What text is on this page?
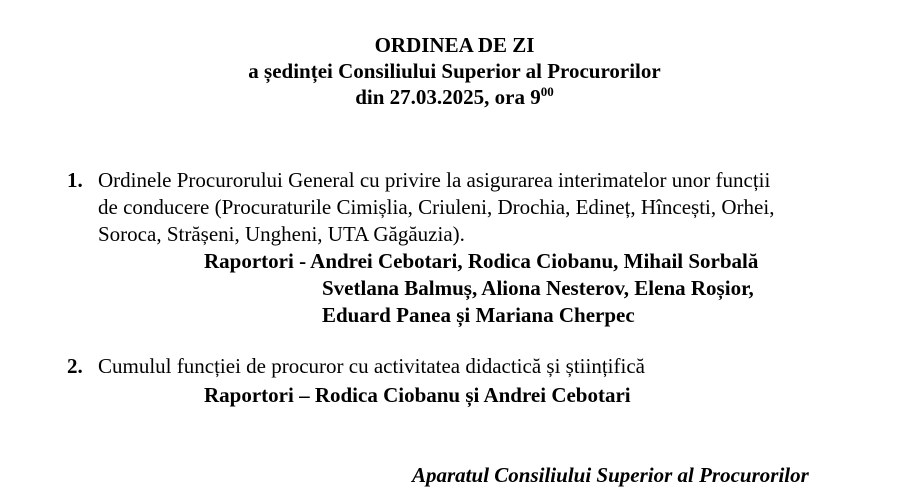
ORDINEA DE ZI
a ședinței Consiliului Superior al Procurorilor
din 27.03.2025, ora $9^{00}$
1. Ordinele Procurorului General cu privire la asigurarea interimatelor unor funcții
de conducere (Procuraturile Cimișlia, Criuleni, Drochia, Edineț, Hîncești, Orhei,
Soroca, Strășeni, Ungheni, UTA Găgăuzia).
Raportori - Andrei Cebotari, Rodica Ciobanu, Mihail Sorbală
Svetlana Balmuș, Aliona Nesterov, Elena Roșior,
Eduard Panea și Mariana Cherpec
2. Cumulul funcției de procuror cu activitatea didactică și științifică
Raportori – Rodica Ciobanu și Andrei Cebotari
Aparatul Consiliului Superior al Procurorilor
